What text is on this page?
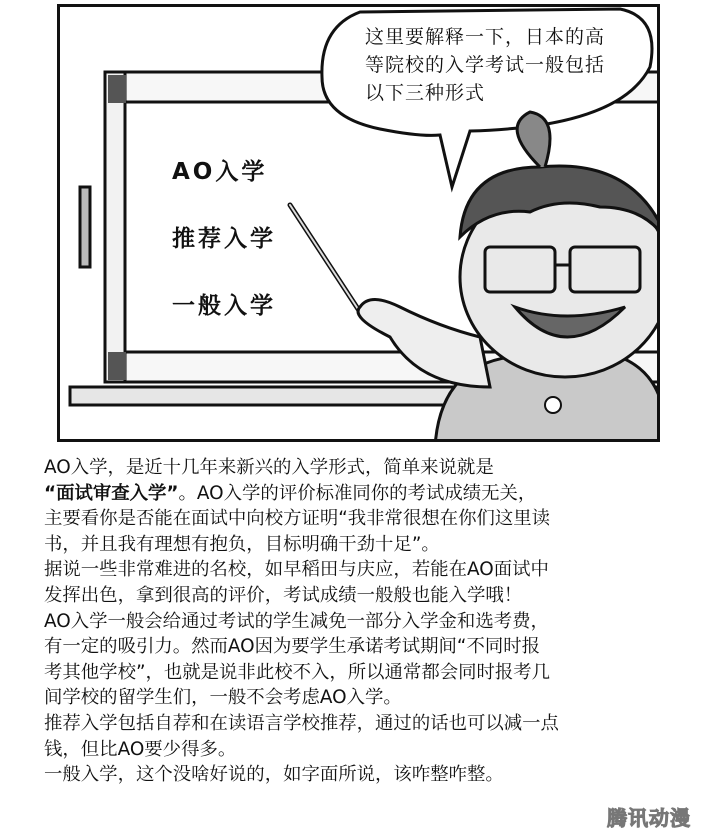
这里要解释一下，日本的高
等院校的入学考试一般包括
以下三种形式
AO入学
推荐入学
一般入学

AO入学，是近十几年来新兴的入学形式，简单来说就是

“面试审查入学”。AO入学的评价标准同你的考试成绩无关，

主要看你是否能在面试中向校方证明“我非常很想在你们这里读

书，并且我有理想有抱负，目标明确干劲十足”。

据说一些非常难进的名校，如早稻田与庆应，若能在AO面试中

发挥出色，拿到很高的评价，考试成绩一般般也能入学哦！

AO入学一般会给通过考试的学生减免一部分入学金和选考费，

有一定的吸引力。然而AO因为要学生承诺考试期间“不同时报

考其他学校”，也就是说非此校不入，所以通常都会同时报考几

间学校的留学生们，一般不会考虑AO入学。

推荐入学包括自荐和在读语言学校推荐，通过的话也可以减一点

钱，但比AO要少得多。

一般入学，这个没啥好说的，如字面所说，该咋整咋整。

腾讯动漫
